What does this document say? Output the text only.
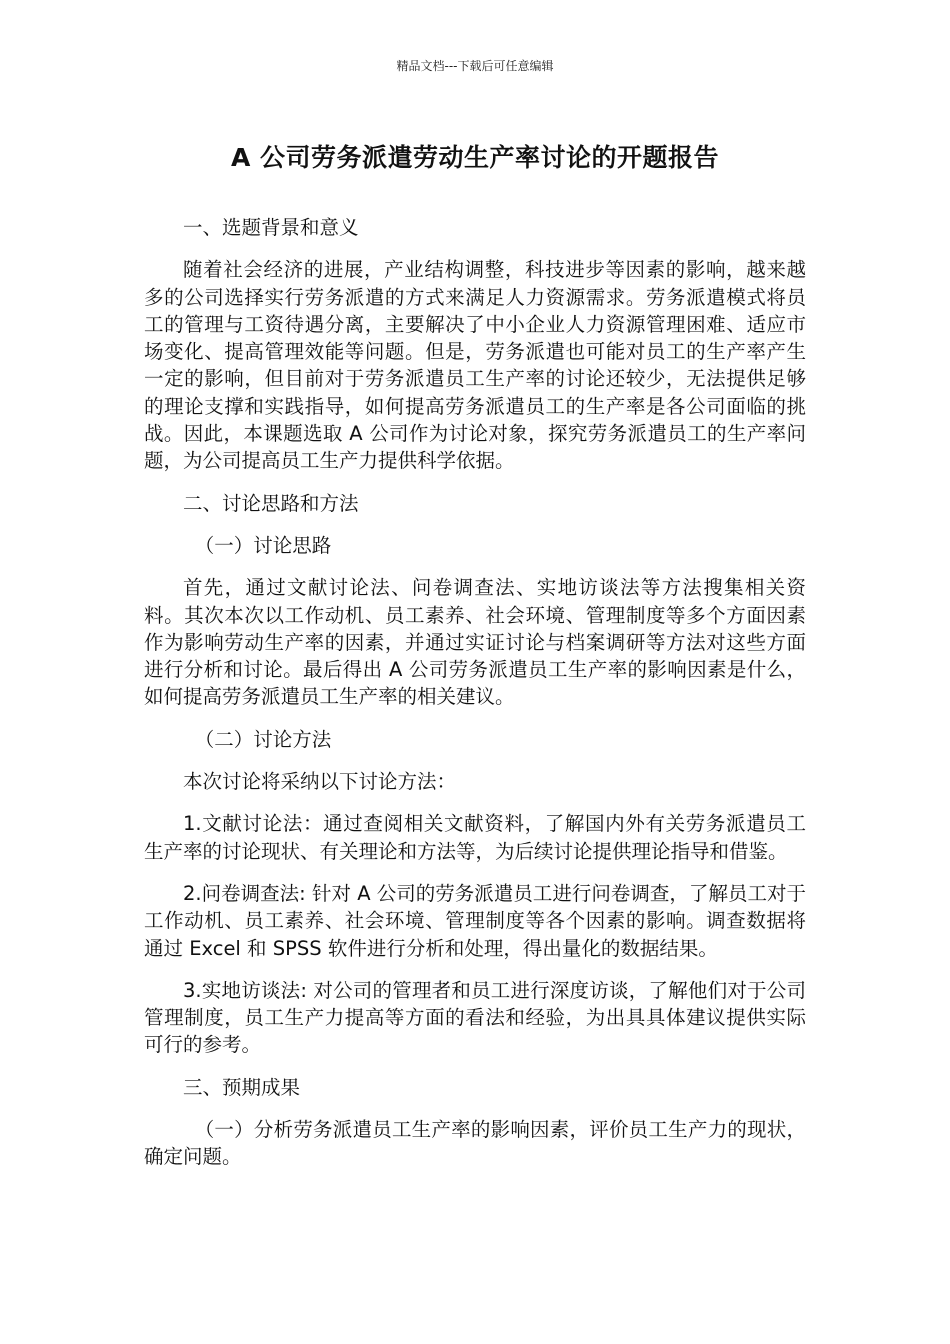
精品文档---下载后可任意编辑
A 公司劳务派遣劳动生产率讨论的开题报告

一、选题背景和意义

随着社会经济的进展，产业结构调整，科技进步等因素的影响，越来越多的公司选择实行劳务派遣的方式来满足人力资源需求。劳务派遣模式将员工的管理与工资待遇分离，主要解决了中小企业人力资源管理困难、适应市场变化、提高管理效能等问题。但是，劳务派遣也可能对员工的生产率产生一定的影响，但目前对于劳务派遣员工生产率的讨论还较少，无法提供足够的理论支撑和实践指导，如何提高劳务派遣员工的生产率是各公司面临的挑战。因此，本课题选取 A 公司作为讨论对象，探究劳务派遣员工的生产率问题，为公司提高员工生产力提供科学依据。

二、讨论思路和方法

（一）讨论思路

首先，通过文献讨论法、问卷调查法、实地访谈法等方法搜集相关资料。其次本次以工作动机、员工素养、社会环境、管理制度等多个方面因素作为影响劳动生产率的因素，并通过实证讨论与档案调研等方法对这些方面进行分析和讨论。最后得出 A 公司劳务派遣员工生产率的影响因素是什么，如何提高劳务派遣员工生产率的相关建议。

（二）讨论方法

本次讨论将采纳以下讨论方法：

1.文献讨论法：通过查阅相关文献资料，了解国内外有关劳务派遣员工生产率的讨论现状、有关理论和方法等，为后续讨论提供理论指导和借鉴。

2.问卷调查法: 针对 A 公司的劳务派遣员工进行问卷调查，了解员工对于工作动机、员工素养、社会环境、管理制度等各个因素的影响。调查数据将通过 Excel 和 SPSS 软件进行分析和处理，得出量化的数据结果。

3.实地访谈法: 对公司的管理者和员工进行深度访谈，了解他们对于公司管理制度，员工生产力提高等方面的看法和经验，为出具具体建议提供实际可行的参考。

三、预期成果

（一）分析劳务派遣员工生产率的影响因素，评价员工生产力的现状，确定问题。
